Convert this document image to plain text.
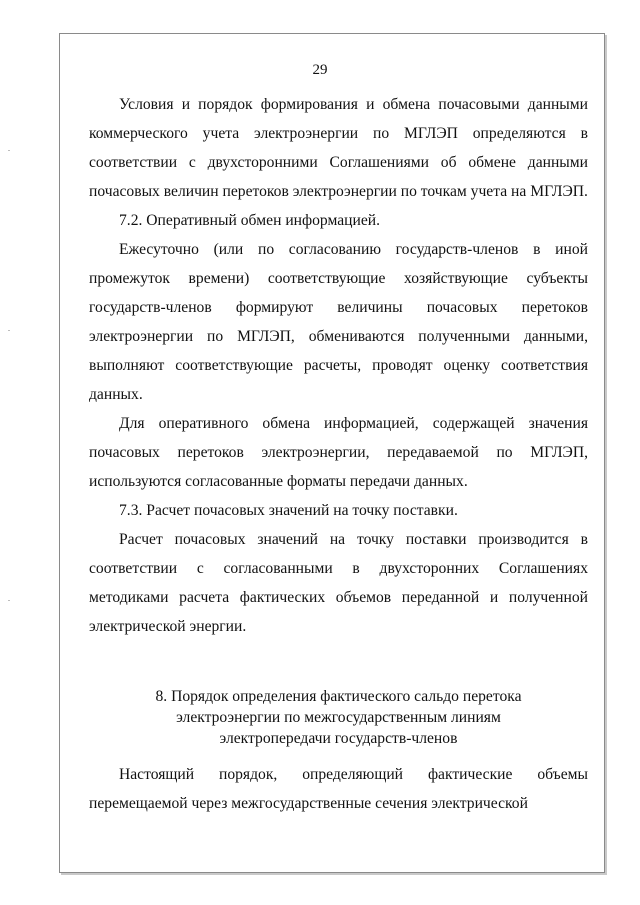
29

Условия и порядок формирования и обмена почасовыми данными коммерческого учета электроэнергии по МГЛЭП определяются в соответствии с двухсторонними Соглашениями об обмене данными почасовых величин перетоков электроэнергии по точкам учета на МГЛЭП.

7.2. Оперативный обмен информацией.

Ежесуточно (или по согласованию государств-членов в иной промежуток времени) соответствующие хозяйствующие субъекты государств-членов формируют величины почасовых перетоков электроэнергии по МГЛЭП, обмениваются полученными данными, выполняют соответствующие расчеты, проводят оценку соответствия данных.

Для оперативного обмена информацией, содержащей значения почасовых перетоков электроэнергии, передаваемой по МГЛЭП, используются согласованные форматы передачи данных.

7.3. Расчет почасовых значений на точку поставки.

Расчет почасовых значений на точку поставки производится в соответствии с согласованными в двухсторонних Соглашениях методиками расчета фактических объемов переданной и полученной электрической энергии.

8. Порядок определения фактического сальдо перетока
электроэнергии по межгосударственным линиям
электропередачи государств-членов

Настоящий порядок, определяющий фактические объемы перемещаемой через межгосударственные сечения электрической
